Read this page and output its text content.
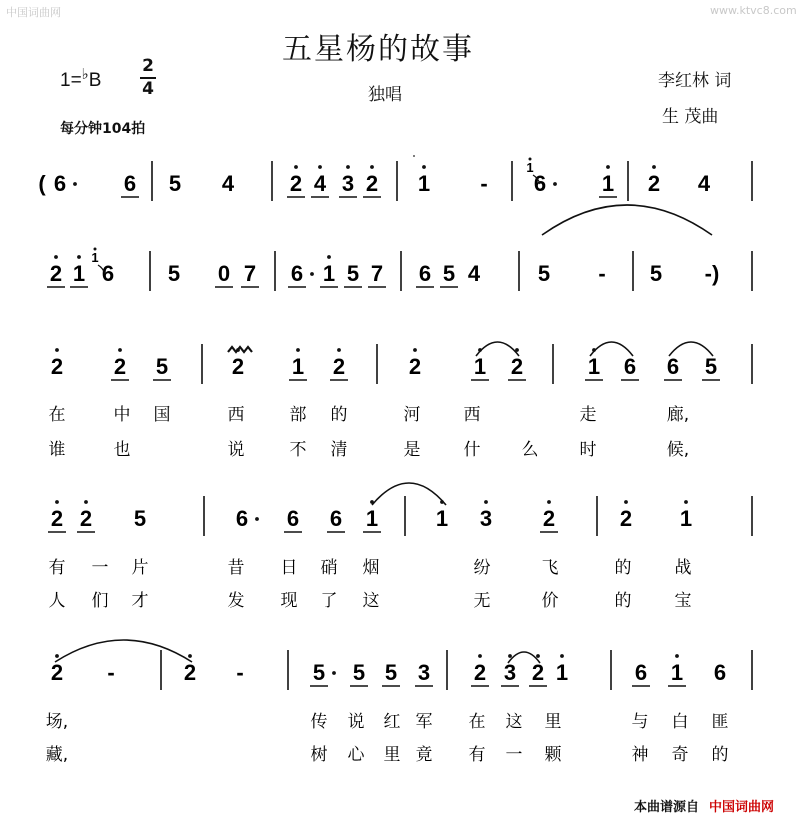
中国词曲网	www.ktvc8.com
五星杨的故事
独唱
李红林 词
生 茂曲
1=♭B
2
4
每分钟104拍
( 6	6 5 4	2 4 3 2 1 - 6	1 2 4
2 1 6 5 0 7 6 1 5 7 6 5 4	5 - 5 -)
2 2 5	2 1 2	2 1 2	1 6 6 5
2 2 5	6 6 6 1	1 3 2	2 1
2 -	2 -	5 5 5 3 2 3 2 1	6 1 6
1
1
在	中 国	西	部 的	河	西	走	廊,
谁	也	说	不 清	是	什 么 时	候,
有 一 片	昔 日 硝 烟	纷	飞	的	战
人 们 才	发 现 了 这	无	价	的	宝
场,	传 说 红 军 在 这 里	与 白 匪
藏,	树 心 里 竟 有 一 颗	神 奇 的
本曲谱源自 中国词曲网
